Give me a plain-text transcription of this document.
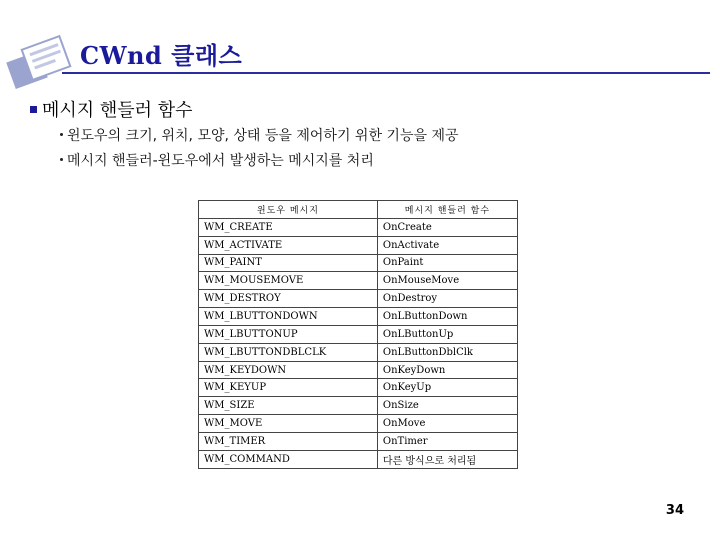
CWnd 클래스
메시지 핸들러 함수
윈도우의 크기, 위치, 모양, 상태 등을 제어하기 위한 기능을 제공
메시지 핸들러-윈도우에서 발생하는 메시지를 처리
윈도우 메시지	메시지 핸들러 함수
WM_CREATE	OnCreate
WM_ACTIVATE	OnActivate
WM_PAINT	OnPaint
WM_MOUSEMOVE	OnMouseMove
WM_DESTROY	OnDestroy
WM_LBUTTONDOWN	OnLButtonDown
WM_LBUTTONUP	OnLButtonUp
WM_LBUTTONDBLCLK	OnLButtonDblClk
WM_KEYDOWN	OnKeyDown
WM_KEYUP	OnKeyUp
WM_SIZE	OnSize
WM_MOVE	OnMove
WM_TIMER	OnTimer
WM_COMMAND	다른 방식으로 처리됨
34
